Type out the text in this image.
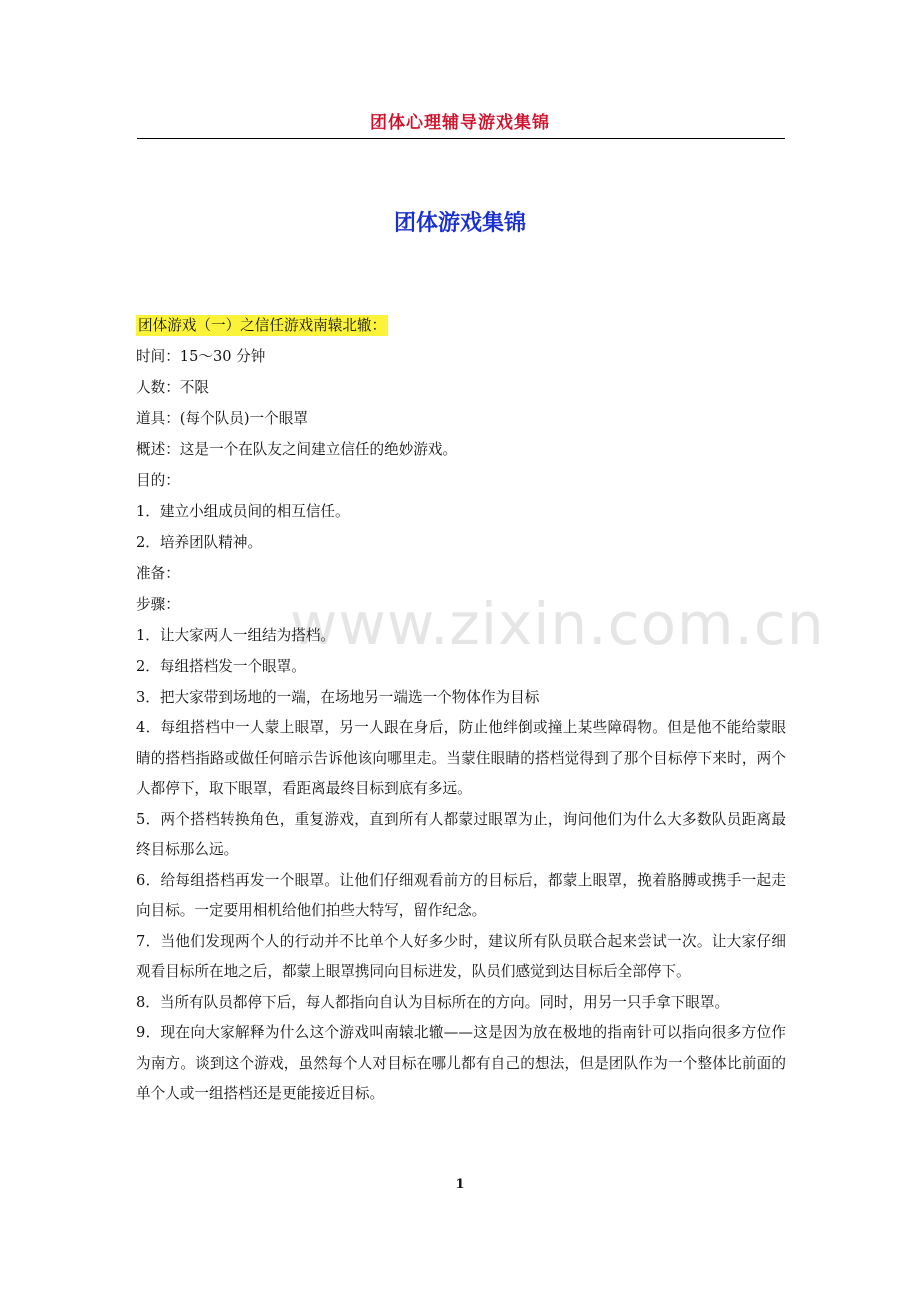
团体心理辅导游戏集锦
团体游戏集锦
www.zixin.com.cn
团体游戏（一）之信任游戏南辕北辙：
时间：15～30 分钟
人数：不限
道具：(每个队员)一个眼罩
概述：这是一个在队友之间建立信任的绝妙游戏。
目的：
1．建立小组成员间的相互信任。
2．培养团队精神。
准备：
步骤：
1．让大家两人一组结为搭档。
2．每组搭档发一个眼罩。
3．把大家带到场地的一端，在场地另一端选一个物体作为目标
4．每组搭档中一人蒙上眼罩，另一人跟在身后，防止他绊倒或撞上某些障碍物。但是他不能给蒙眼睛的搭档指路或做任何暗示告诉他该向哪里走。当蒙住眼睛的搭档觉得到了那个目标停下来时，两个人都停下，取下眼罩，看距离最终目标到底有多远。
5．两个搭档转换角色，重复游戏，直到所有人都蒙过眼罩为止，询问他们为什么大多数队员距离最终目标那么远。
6．给每组搭档再发一个眼罩。让他们仔细观看前方的目标后，都蒙上眼罩，挽着胳膊或携手一起走向目标。一定要用相机给他们拍些大特写，留作纪念。
7．当他们发现两个人的行动并不比单个人好多少时，建议所有队员联合起来尝试一次。让大家仔细观看目标所在地之后，都蒙上眼罩携同向目标进发，队员们感觉到达目标后全部停下。
8．当所有队员都停下后，每人都指向自认为目标所在的方向。同时，用另一只手拿下眼罩。
9．现在向大家解释为什么这个游戏叫南辕北辙——这是因为放在极地的指南针可以指向很多方位作为南方。谈到这个游戏，虽然每个人对目标在哪儿都有自己的想法，但是团队作为一个整体比前面的单个人或一组搭档还是更能接近目标。
1
